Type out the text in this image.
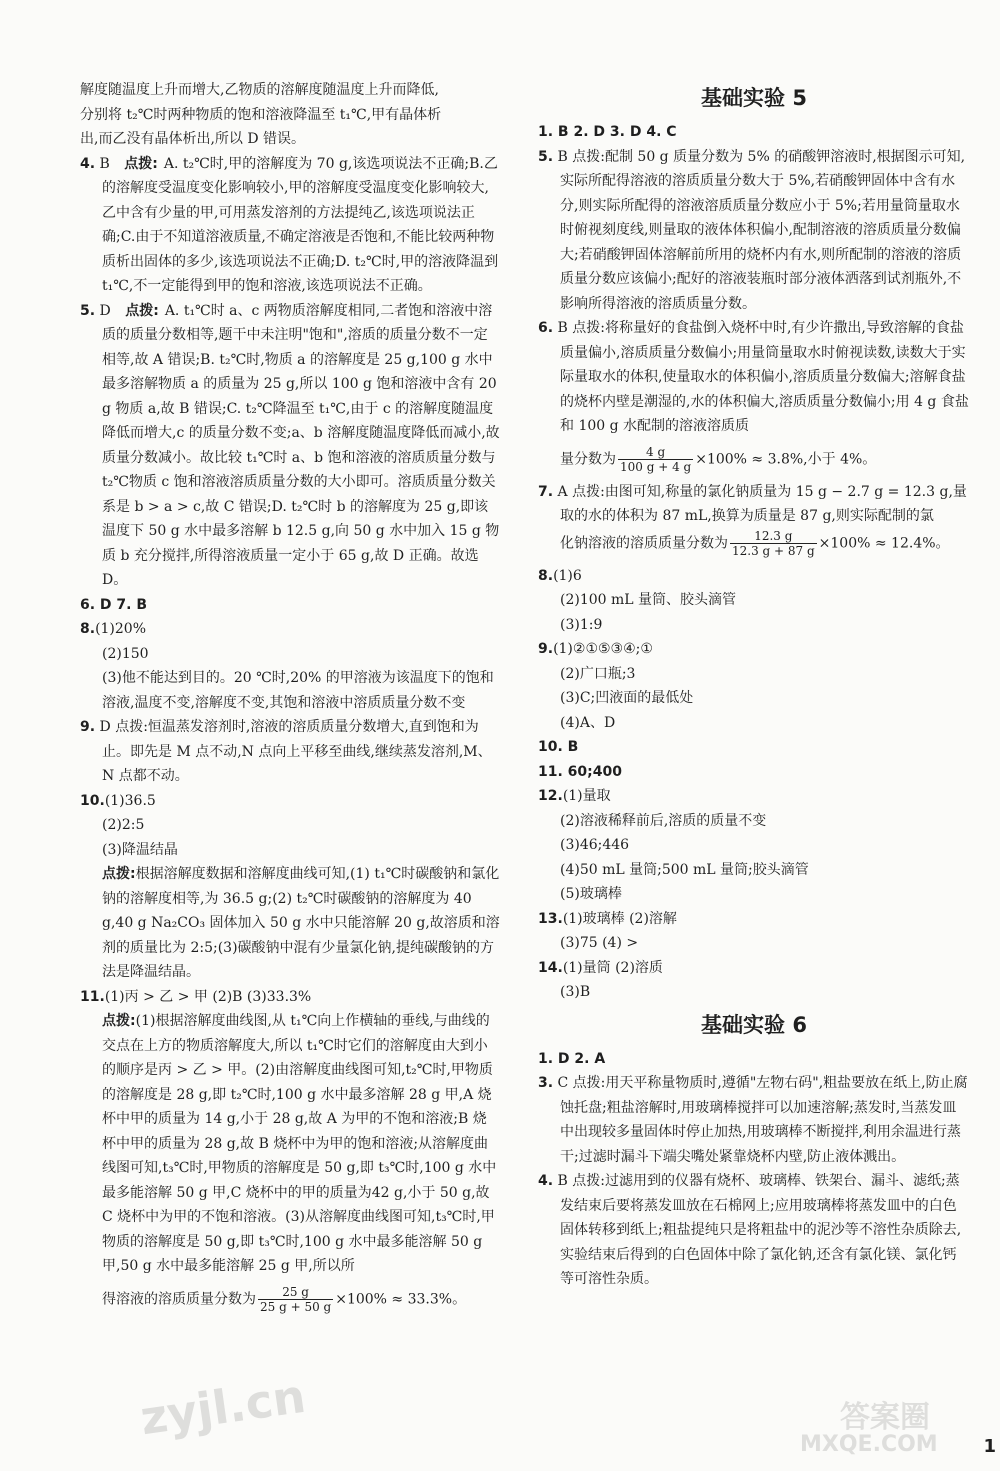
解度随温度上升而增大,乙物质的溶解度随温度上升而降低,

分别将 t₂℃时两种物质的饱和溶液降温至 t₁℃,甲有晶体析

出,而乙没有晶体析出,所以 D 错误。

4. B 点拨: A. t₂℃时,甲的溶解度为 70 g,该选项说法不正确;B.乙的溶解度受温度变化影响较小,甲的溶解度受温度变化影响较大,乙中含有少量的甲,可用蒸发溶剂的方法提纯乙,该选项说法正确;C.由于不知道溶液质量,不确定溶液是否饱和,不能比较两种物质析出固体的多少,该选项说法不正确;D. t₂℃时,甲的溶液降温到 t₁℃,不一定能得到甲的饱和溶液,该选项说法不正确。

5. D 点拨: A. t₁℃时 a、c 两物质溶解度相同,二者饱和溶液中溶质的质量分数相等,题干中未注明"饱和",溶质的质量分数不一定相等,故 A 错误;B. t₂℃时,物质 a 的溶解度是 25 g,100 g 水中最多溶解物质 a 的质量为 25 g,所以 100 g 饱和溶液中含有 20 g 物质 a,故 B 错误;C. t₂℃降温至 t₁℃,由于 c 的溶解度随温度降低而增大,c 的质量分数不变;a、b 溶解度随温度降低而减小,故质量分数减小。故比较 t₁℃时 a、b 饱和溶液的溶质质量分数与 t₂℃物质 c 饱和溶液溶质质量分数的大小即可。溶质质量分数关系是 b > a > c,故 C 错误;D. t₂℃时 b 的溶解度为 25 g,即该温度下 50 g 水中最多溶解 b 12.5 g,向 50 g 水中加入 15 g 物质 b 充分搅拌,所得溶液质量一定小于 65 g,故 D 正确。故选 D。

6. D 7. B

8.(1)20%

(2)150

(3)他不能达到目的。20 ℃时,20% 的甲溶液为该温度下的饱和溶液,温度不变,溶解度不变,其饱和溶液中溶质质量分数不变

9. D 点拨:恒温蒸发溶剂时,溶液的溶质质量分数增大,直到饱和为止。即先是 M 点不动,N 点向上平移至曲线,继续蒸发溶剂,M、N 点都不动。

10.(1)36.5

(2)2:5

(3)降温结晶

点拨:根据溶解度数据和溶解度曲线可知,(1) t₁℃时碳酸钠和氯化钠的溶解度相等,为 36.5 g;(2) t₂℃时碳酸钠的溶解度为 40 g,40 g Na₂CO₃ 固体加入 50 g 水中只能溶解 20 g,故溶质和溶剂的质量比为 2:5;(3)碳酸钠中混有少量氯化钠,提纯碳酸钠的方法是降温结晶。

11.(1)丙 > 乙 > 甲 (2)B (3)33.3%

点拨:(1)根据溶解度曲线图,从 t₁℃向上作横轴的垂线,与曲线的交点在上方的物质溶解度大,所以 t₁℃时它们的溶解度由大到小的顺序是丙 > 乙 > 甲。(2)由溶解度曲线图可知,t₂℃时,甲物质的溶解度是 28 g,即 t₂℃时,100 g 水中最多溶解 28 g 甲,A 烧杯中甲的质量为 14 g,小于 28 g,故 A 为甲的不饱和溶液;B 烧杯中甲的质量为 28 g,故 B 烧杯中为甲的饱和溶液;从溶解度曲线图可知,t₃℃时,甲物质的溶解度是 50 g,即 t₃℃时,100 g 水中最多能溶解 50 g 甲,C 烧杯中的甲的质量为42 g,小于 50 g,故 C 烧杯中为甲的不饱和溶液。(3)从溶解度曲线图可知,t₃℃时,甲物质的溶解度是 50 g,即 t₃℃时,100 g 水中最多能溶解 50 g 甲,50 g 水中最多能溶解 25 g 甲,所以所

得溶液的溶质质量分数为 $\frac{25 g}{25 g + 50 g} \times 100\% \approx 33.3\%$。

基础实验 5

1. B 2. D 3. D 4. C

5. B 点拨:配制 50 g 质量分数为 5% 的硝酸钾溶液时,根据图示可知,实际所配得溶液的溶质质量分数大于 5%,若硝酸钾固体中含有水分,则实际所配得的溶液溶质质量分数应小于 5%;若用量筒量取水时俯视刻度线,则量取的液体体积偏小,配制溶液的溶质质量分数偏大;若硝酸钾固体溶解前所用的烧杯内有水,则所配制的溶液的溶质质量分数应该偏小;配好的溶液装瓶时部分液体洒落到试剂瓶外,不影响所得溶液的溶质质量分数。

6. B 点拨:将称量好的食盐倒入烧杯中时,有少许撒出,导致溶解的食盐质量偏小,溶质质量分数偏小;用量筒量取水时俯视读数,读数大于实际量取水的体积,使量取水的体积偏小,溶质质量分数偏大;溶解食盐的烧杯内壁是潮湿的,水的体积偏大,溶质质量分数偏小;用 4 g 食盐和 100 g 水配制的溶液溶质质

量分数为 $\frac{4 g}{100 g + 4 g} \times 100\% \approx 3.8\%$,小于 4%。

7. A 点拨:由图可知,称量的氯化钠质量为 15 g − 2.7 g = 12.3 g,量取的水的体积为 87 mL,换算为质量是 87 g,则实际配制的氯

化钠溶液的溶质质量分数为 $\frac{12.3 g}{12.3 g + 87 g} \times 100\% \approx 12.4\%$。

8.(1)6

(2)100 mL 量筒、胶头滴管

(3)1:9

9.(1)②①⑤③④;①

(2)广口瓶;3

(3)C;凹液面的最低处

(4)A、D

10. B

11. 60;400

12.(1)量取

(2)溶液稀释前后,溶质的质量不变

(3)46;446

(4)50 mL 量筒;500 mL 量筒;胶头滴管

(5)玻璃棒

13.(1)玻璃棒 (2)溶解

(3)75 (4) >

14.(1)量筒 (2)溶质

(3)B

基础实验 6

1. D 2. A

3. C 点拨:用天平称量物质时,遵循"左物右码",粗盐要放在纸上,防止腐蚀托盘;粗盐溶解时,用玻璃棒搅拌可以加速溶解;蒸发时,当蒸发皿中出现较多量固体时停止加热,用玻璃棒不断搅拌,利用余温进行蒸干;过滤时漏斗下端尖嘴处紧靠烧杯内壁,防止液体溅出。

4. B 点拨:过滤用到的仪器有烧杯、玻璃棒、铁架台、漏斗、滤纸;蒸发结束后要将蒸发皿放在石棉网上;应用玻璃棒将蒸发皿中的白色固体转移到纸上;粗盐提纯只是将粗盐中的泥沙等不溶性杂质除去,实验结束后得到的白色固体中除了氯化钠,还含有氯化镁、氯化钙等可溶性杂质。

zyjl.cn	MXQE.COM
答案圈
1
